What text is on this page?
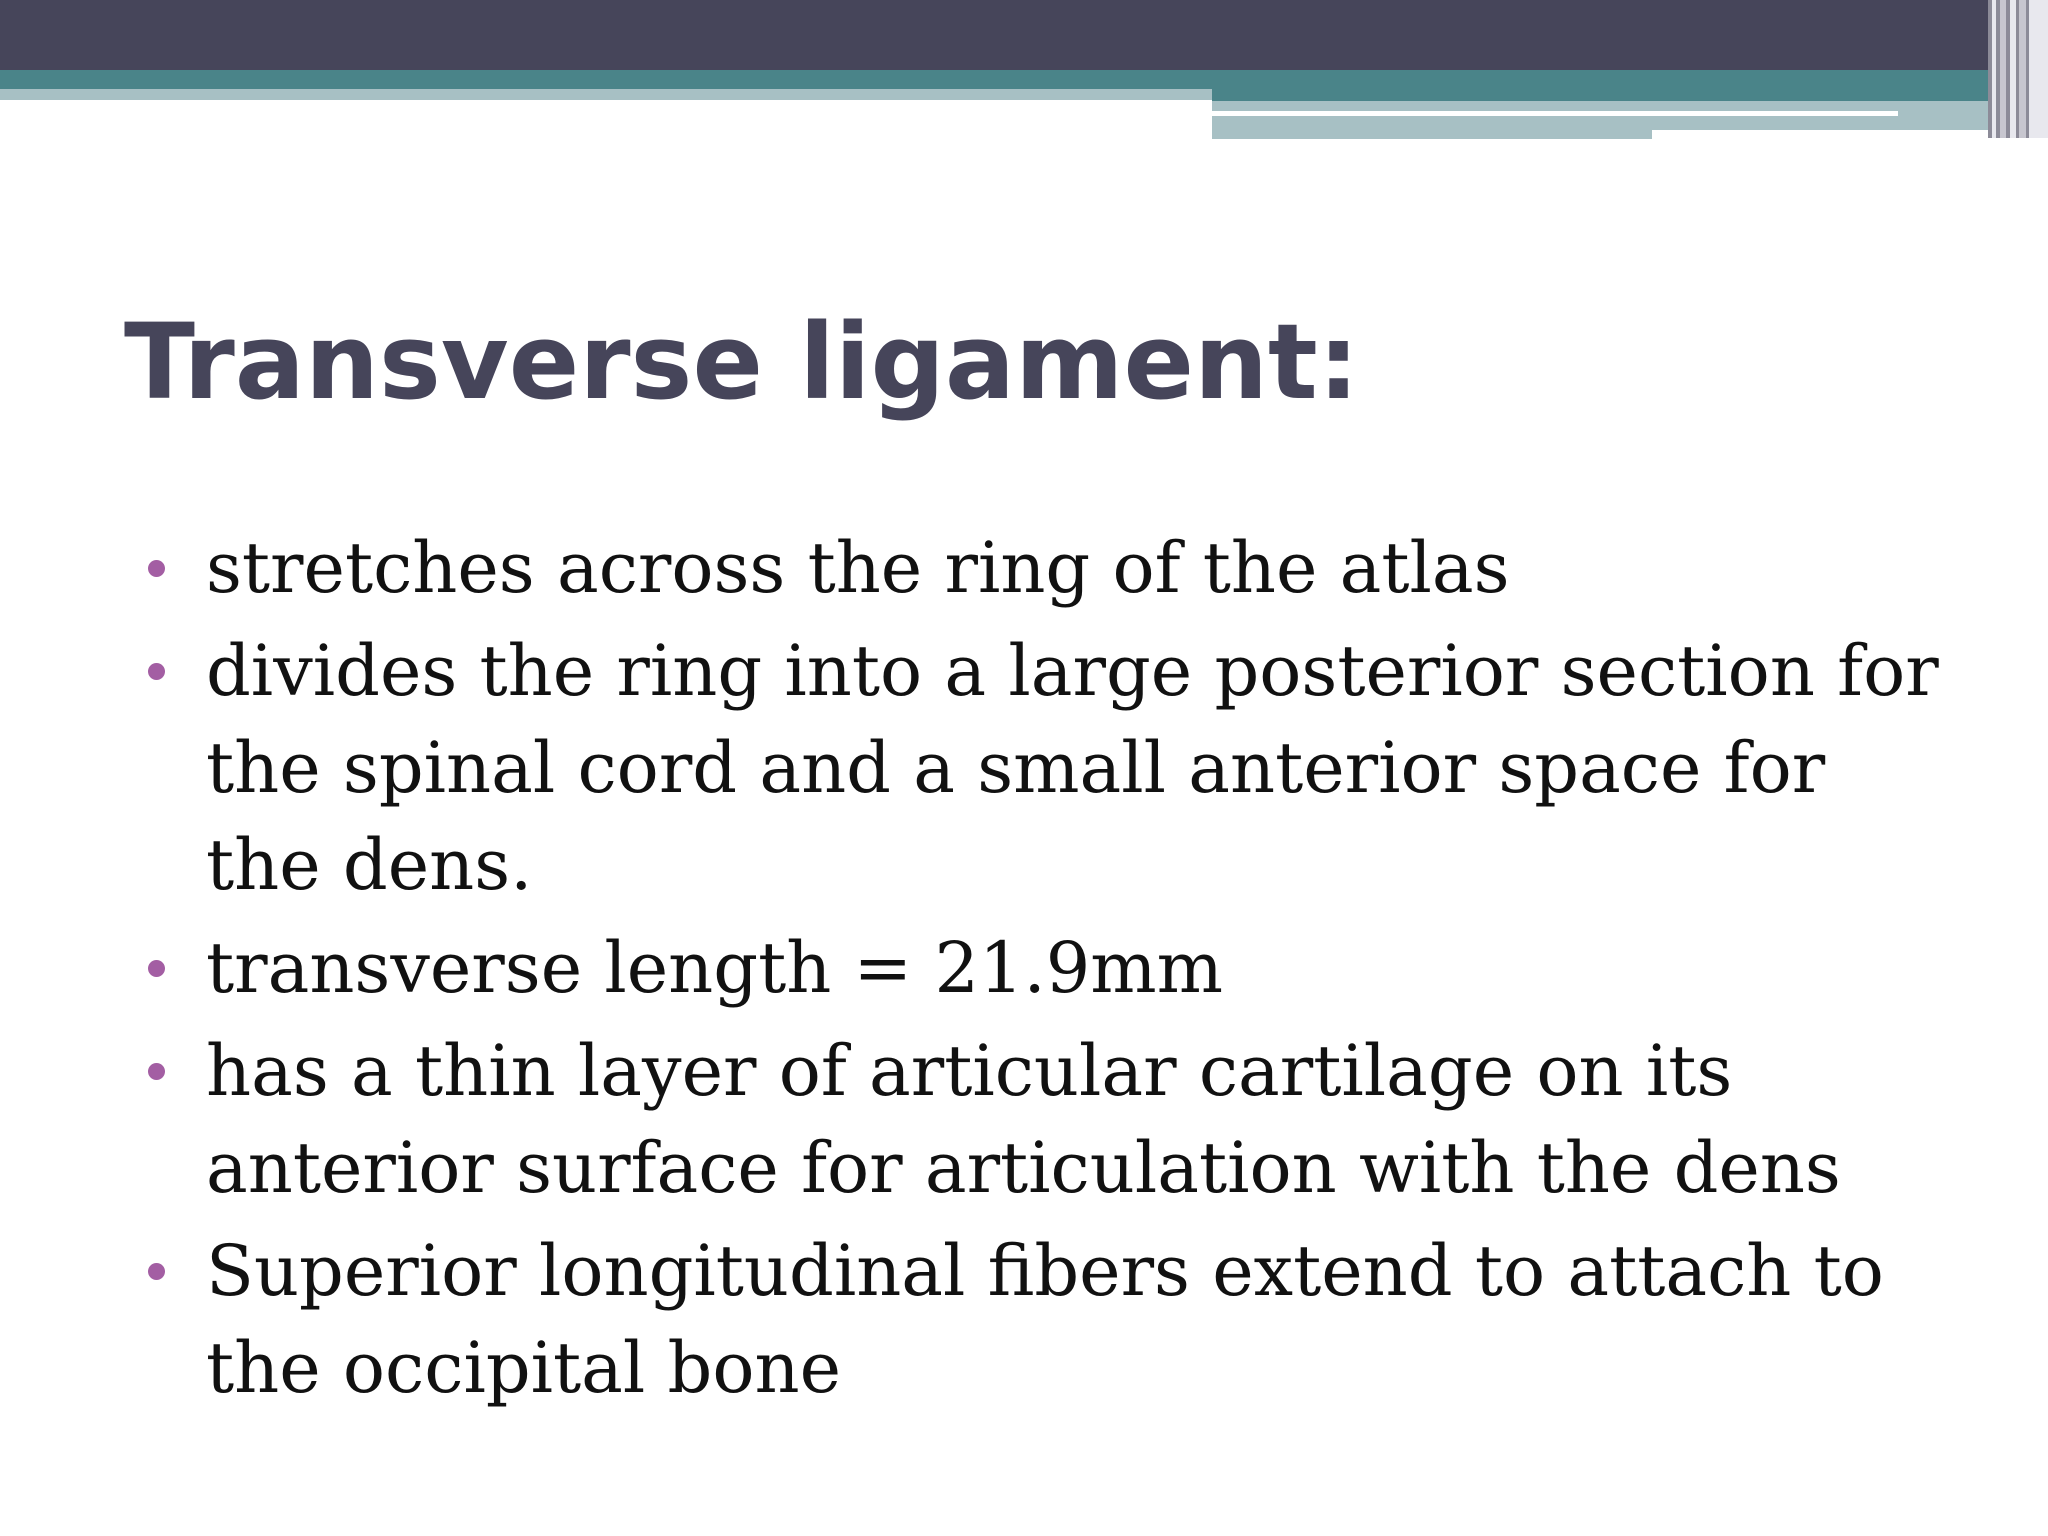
Transverse ligament:
stretches across the ring of the atlas
divides the ring into a large posterior section for the spinal cord and a small anterior space for the dens.
transverse length = 21.9mm
has a thin layer of articular cartilage on its anterior surface for articulation with the dens
Superior longitudinal fibers extend to attach to the occipital bone
